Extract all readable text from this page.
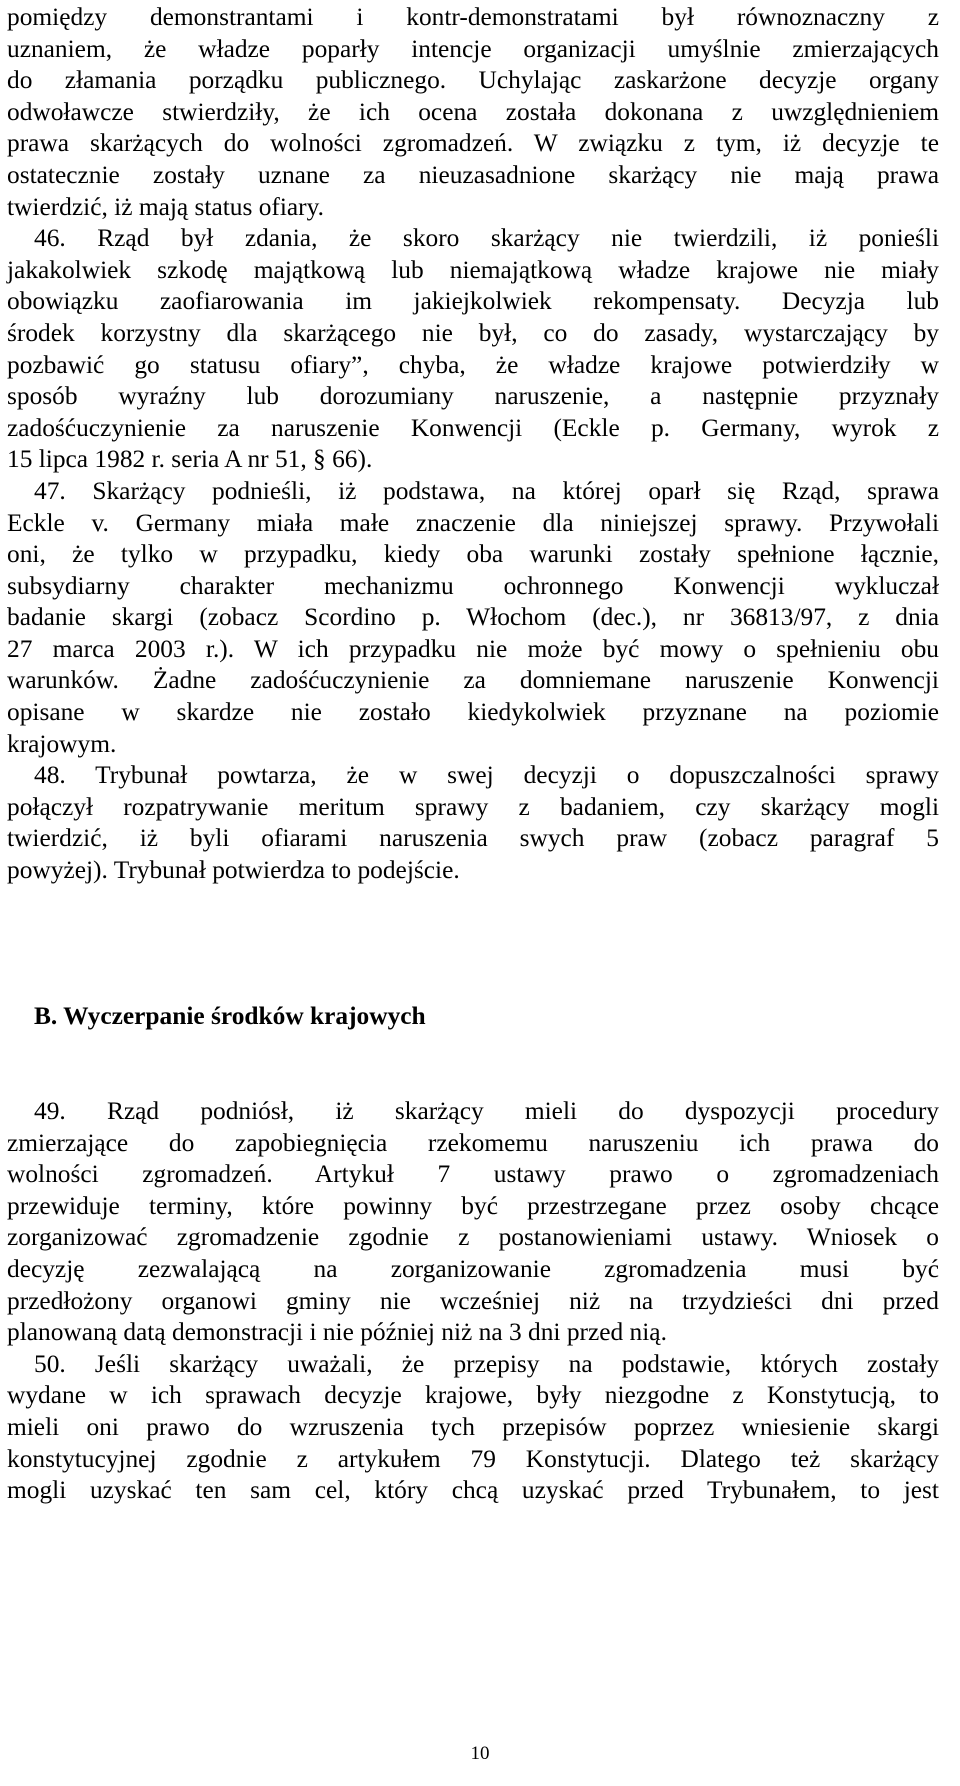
pomiędzy demonstrantami i kontr-demonstratami był równoznaczny z
uznaniem, że władze poparły intencje organizacji umyślnie zmierzających
do złamania porządku publicznego. Uchylając zaskarżone decyzje organy
odwoławcze stwierdziły, że ich ocena została dokonana z uwzględnieniem
prawa skarżących do wolności zgromadzeń. W związku z tym, iż decyzje te
ostatecznie zostały uznane za nieuzasadnione skarżący nie mają prawa
twierdzić, iż mają status ofiary.
46. Rząd był zdania, że skoro skarżący nie twierdzili, iż ponieśli
jakakolwiek szkodę majątkową lub niemajątkową władze krajowe nie miały
obowiązku zaofiarowania im jakiejkolwiek rekompensaty. Decyzja lub
środek korzystny dla skarżącego nie był, co do zasady, wystarczający by
pozbawić go statusu ofiary”, chyba, że władze krajowe potwierdziły w
sposób wyraźny lub dorozumiany naruszenie, a następnie przyznały
zadośćuczynienie za naruszenie Konwencji (Eckle p. Germany, wyrok z
15 lipca 1982 r. seria A nr 51, § 66).
47. Skarżący podnieśli, iż podstawa, na której oparł się Rząd, sprawa
Eckle v. Germany miała małe znaczenie dla niniejszej sprawy. Przywołali
oni, że tylko w przypadku, kiedy oba warunki zostały spełnione łącznie,
subsydiarny charakter mechanizmu ochronnego Konwencji wykluczał
badanie skargi (zobacz Scordino p. Włochom (dec.), nr 36813/97, z dnia
27 marca 2003 r.). W ich przypadku nie może być mowy o spełnieniu obu
warunków. Żadne zadośćuczynienie za domniemane naruszenie Konwencji
opisane w skardze nie zostało kiedykolwiek przyznane na poziomie
krajowym.
48. Trybunał powtarza, że w swej decyzji o dopuszczalności sprawy
połączył rozpatrywanie meritum sprawy z badaniem, czy skarżący mogli
twierdzić, iż byli ofiarami naruszenia swych praw (zobacz paragraf 5
powyżej). Trybunał potwierdza to podejście.
B. Wyczerpanie środków krajowych
49. Rząd podniósł, iż skarżący mieli do dyspozycji procedury
zmierzające do zapobiegnięcia rzekomemu naruszeniu ich prawa do
wolności zgromadzeń. Artykuł 7 ustawy prawo o zgromadzeniach
przewiduje terminy, które powinny być przestrzegane przez osoby chcące
zorganizować zgromadzenie zgodnie z postanowieniami ustawy. Wniosek o
decyzję zezwalającą na zorganizowanie zgromadzenia musi być
przedłożony organowi gminy nie wcześniej niż na trzydzieści dni przed
planowaną datą demonstracji i nie później niż na 3 dni przed nią.
50. Jeśli skarżący uważali, że przepisy na podstawie, których zostały
wydane w ich sprawach decyzje krajowe, były niezgodne z Konstytucją, to
mieli oni prawo do wzruszenia tych przepisów poprzez wniesienie skargi
konstytucyjnej zgodnie z artykułem 79 Konstytucji. Dlatego też skarżący
mogli uzyskać ten sam cel, który chcą uzyskać przed Trybunałem, to jest
10
